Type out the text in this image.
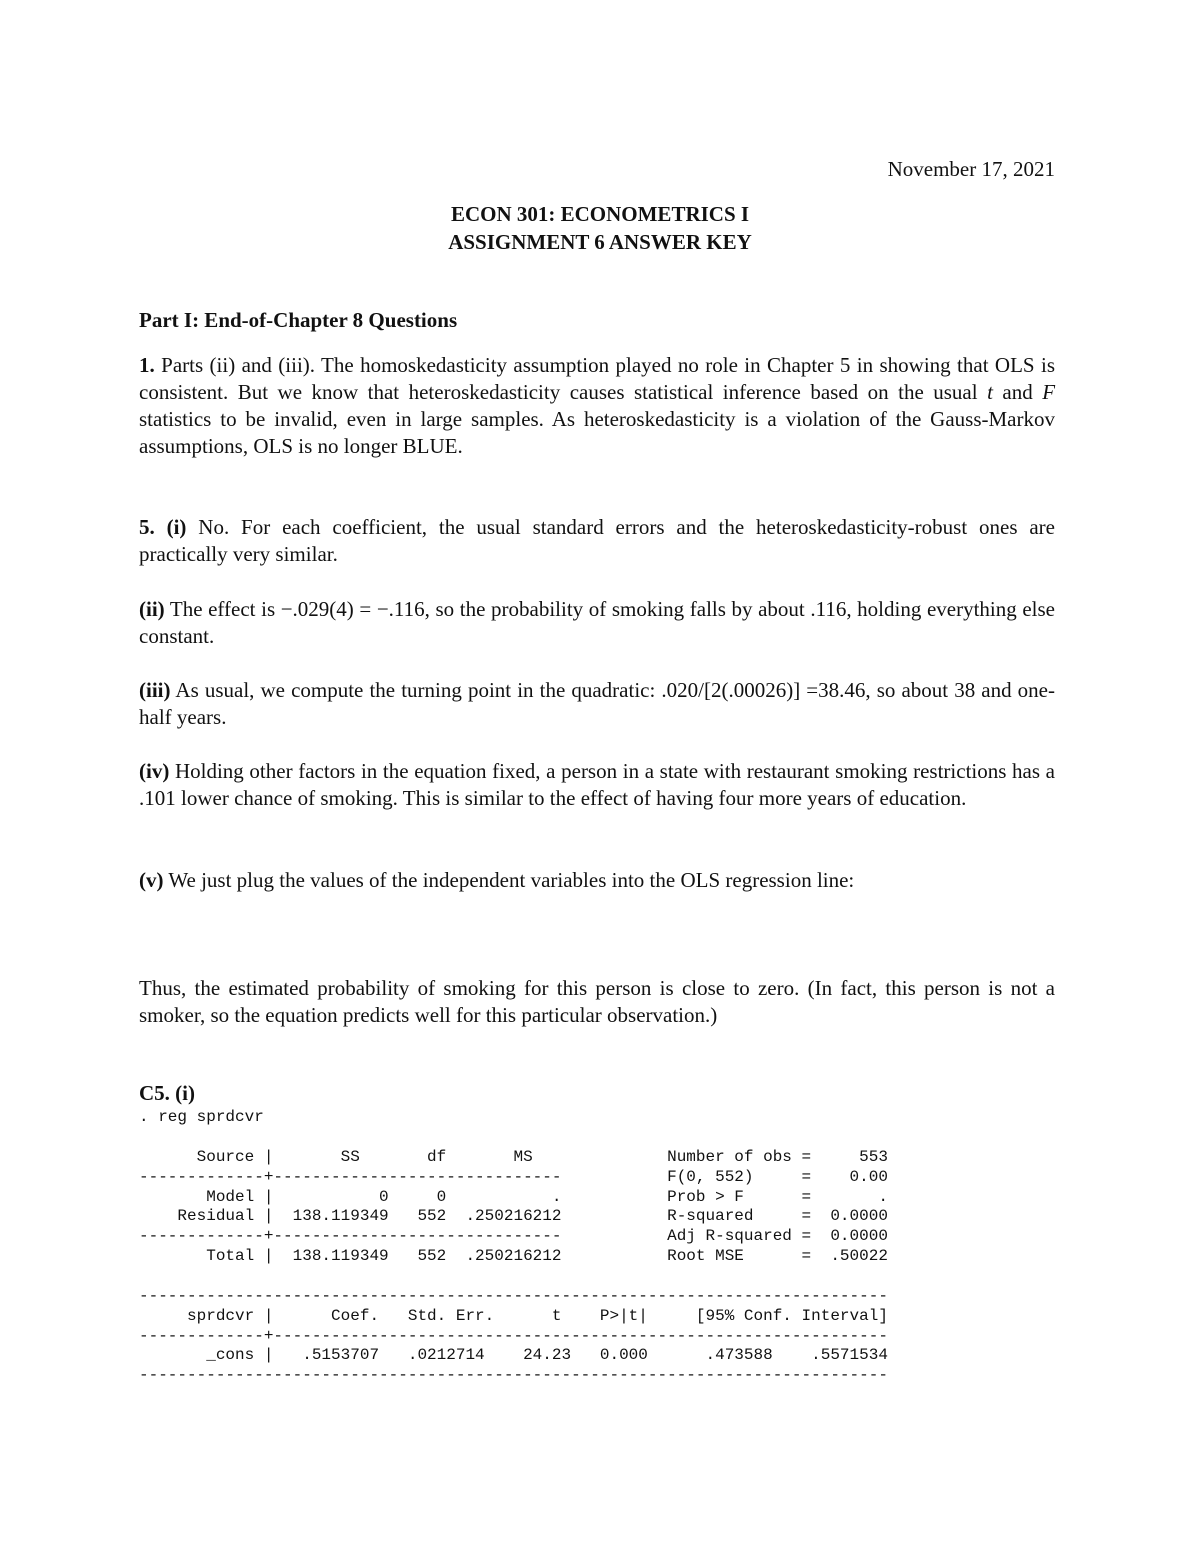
November 17, 2021
ECON 301: ECONOMETRICS I
ASSIGNMENT 6 ANSWER KEY
Part I: End-of-Chapter 8 Questions
1. Parts (ii) and (iii). The homoskedasticity assumption played no role in Chapter 5 in showing that OLS is consistent. But we know that heteroskedasticity causes statistical inference based on the usual t and F statistics to be invalid, even in large samples. As heteroskedasticity is a violation of the Gauss-Markov assumptions, OLS is no longer BLUE.
5. (i) No. For each coefficient, the usual standard errors and the heteroskedasticity-robust ones are practically very similar.
(ii) The effect is −.029(4) = −.116, so the probability of smoking falls by about .116, holding everything else constant.
(iii) As usual, we compute the turning point in the quadratic: .020/[2(.00026)] =38.46, so about 38 and one-half years.
(iv) Holding other factors in the equation fixed, a person in a state with restaurant smoking restrictions has a .101 lower chance of smoking. This is similar to the effect of having four more years of education.
(v) We just plug the values of the independent variables into the OLS regression line:
Thus, the estimated probability of smoking for this person is close to zero. (In fact, this person is not a smoker, so the equation predicts well for this particular observation.)
C5. (i)
. reg sprdcvr
Source |       SS       df       MS              Number of obs =     553
-------------+------------------------------           F(0, 552)     =    0.00
Model |           0     0           .           Prob > F      =       .
Residual |  138.119349   552  .250216212           R-squared     =  0.0000
-------------+------------------------------           Adj R-squared =  0.0000
Total |  138.119349   552  .250216212           Root MSE      =  .50022
------------------------------------------------------------------------------
sprdcvr |      Coef.   Std. Err.      t    P>|t|     [95% Conf. Interval]
-------------+----------------------------------------------------------------
_cons |   .5153707   .0212714    24.23   0.000      .473588    .5571534
------------------------------------------------------------------------------
